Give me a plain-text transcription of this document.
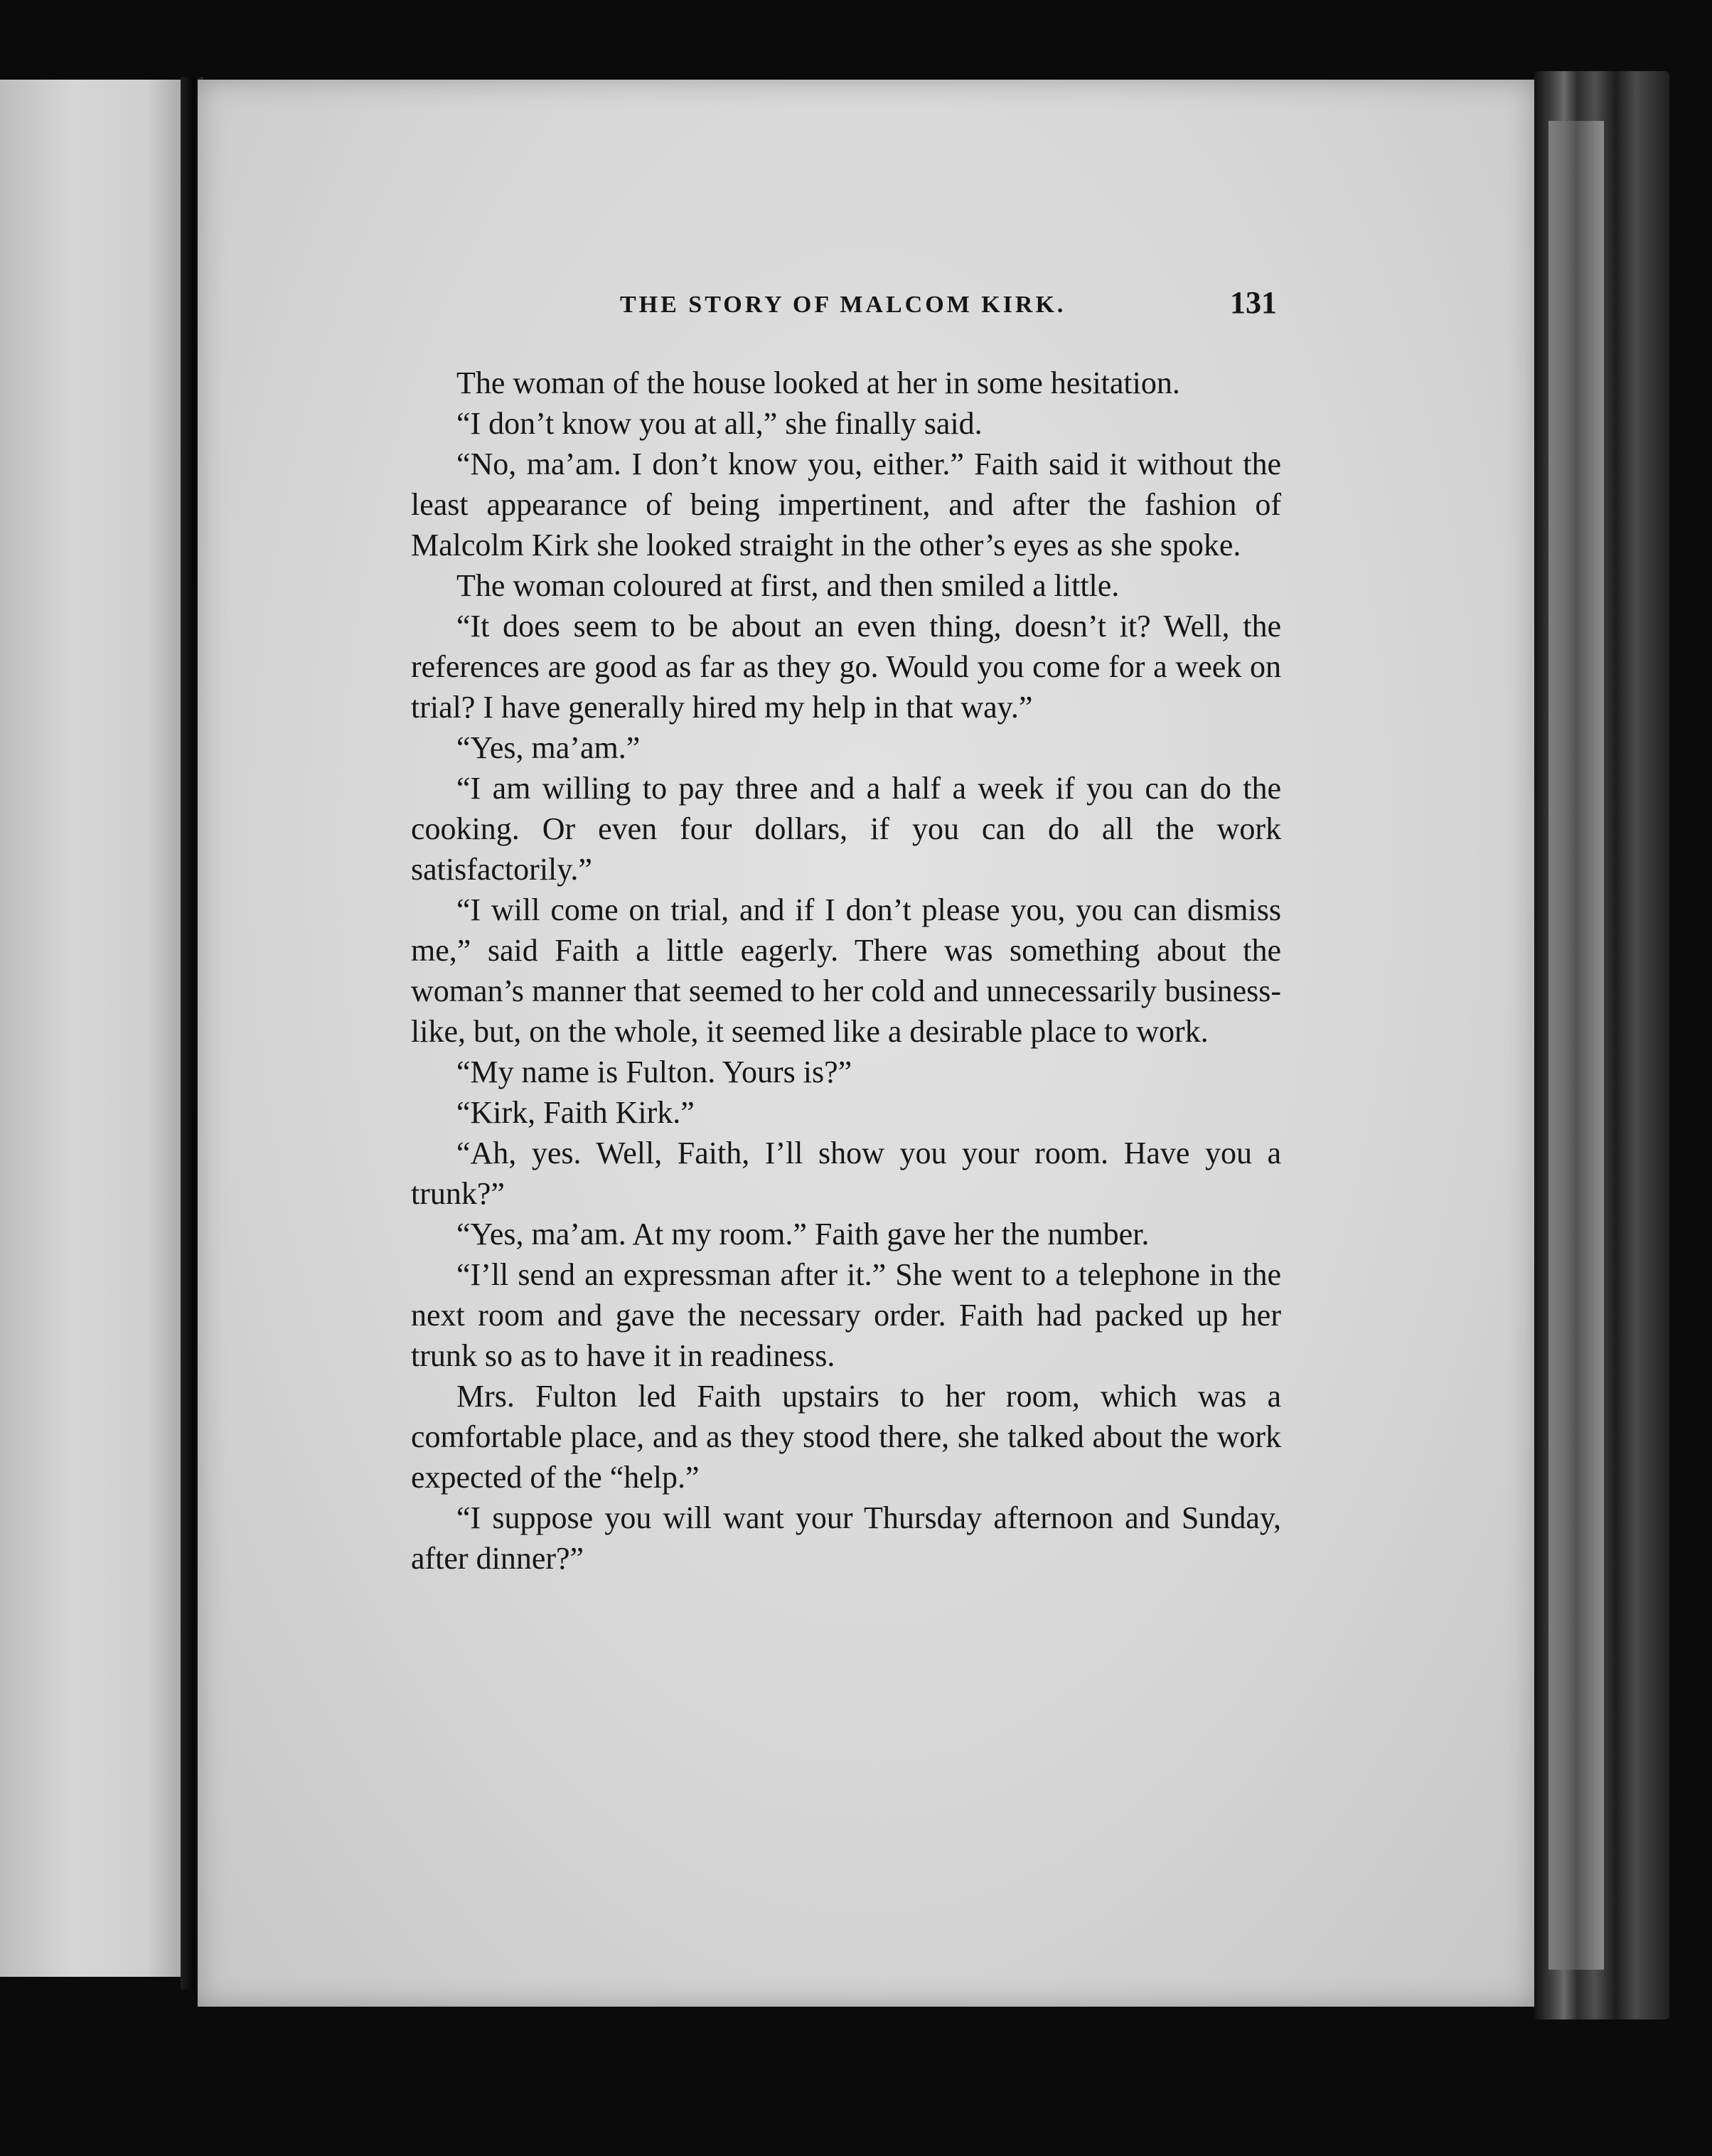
THE STORY OF MALCOM KIRK.	131

The woman of the house looked at her in some hesitation.

“I don’t know you at all,” she finally said.

“No, ma’am. I don’t know you, either.” Faith said it without the least appearance of being impertinent, and after the fashion of Malcolm Kirk she looked straight in the other’s eyes as she spoke.

The woman coloured at first, and then smiled a little.

“It does seem to be about an even thing, doesn’t it? Well, the references are good as far as they go. Would you come for a week on trial? I have generally hired my help in that way.”

“Yes, ma’am.”

“I am willing to pay three and a half a week if you can do the cooking. Or even four dollars, if you can do all the work satisfactorily.”

“I will come on trial, and if I don’t please you, you can dismiss me,” said Faith a little eagerly. There was something about the woman’s manner that seemed to her cold and unnecessarily business-like, but, on the whole, it seemed like a desirable place to work.

“My name is Fulton. Yours is?”

“Kirk, Faith Kirk.”

“Ah, yes. Well, Faith, I’ll show you your room. Have you a trunk?”

“Yes, ma’am. At my room.” Faith gave her the number.

“I’ll send an expressman after it.” She went to a telephone in the next room and gave the necessary order. Faith had packed up her trunk so as to have it in readiness.

Mrs. Fulton led Faith upstairs to her room, which was a comfortable place, and as they stood there, she talked about the work expected of the “help.”

“I suppose you will want your Thursday afternoon and Sunday, after dinner?”
